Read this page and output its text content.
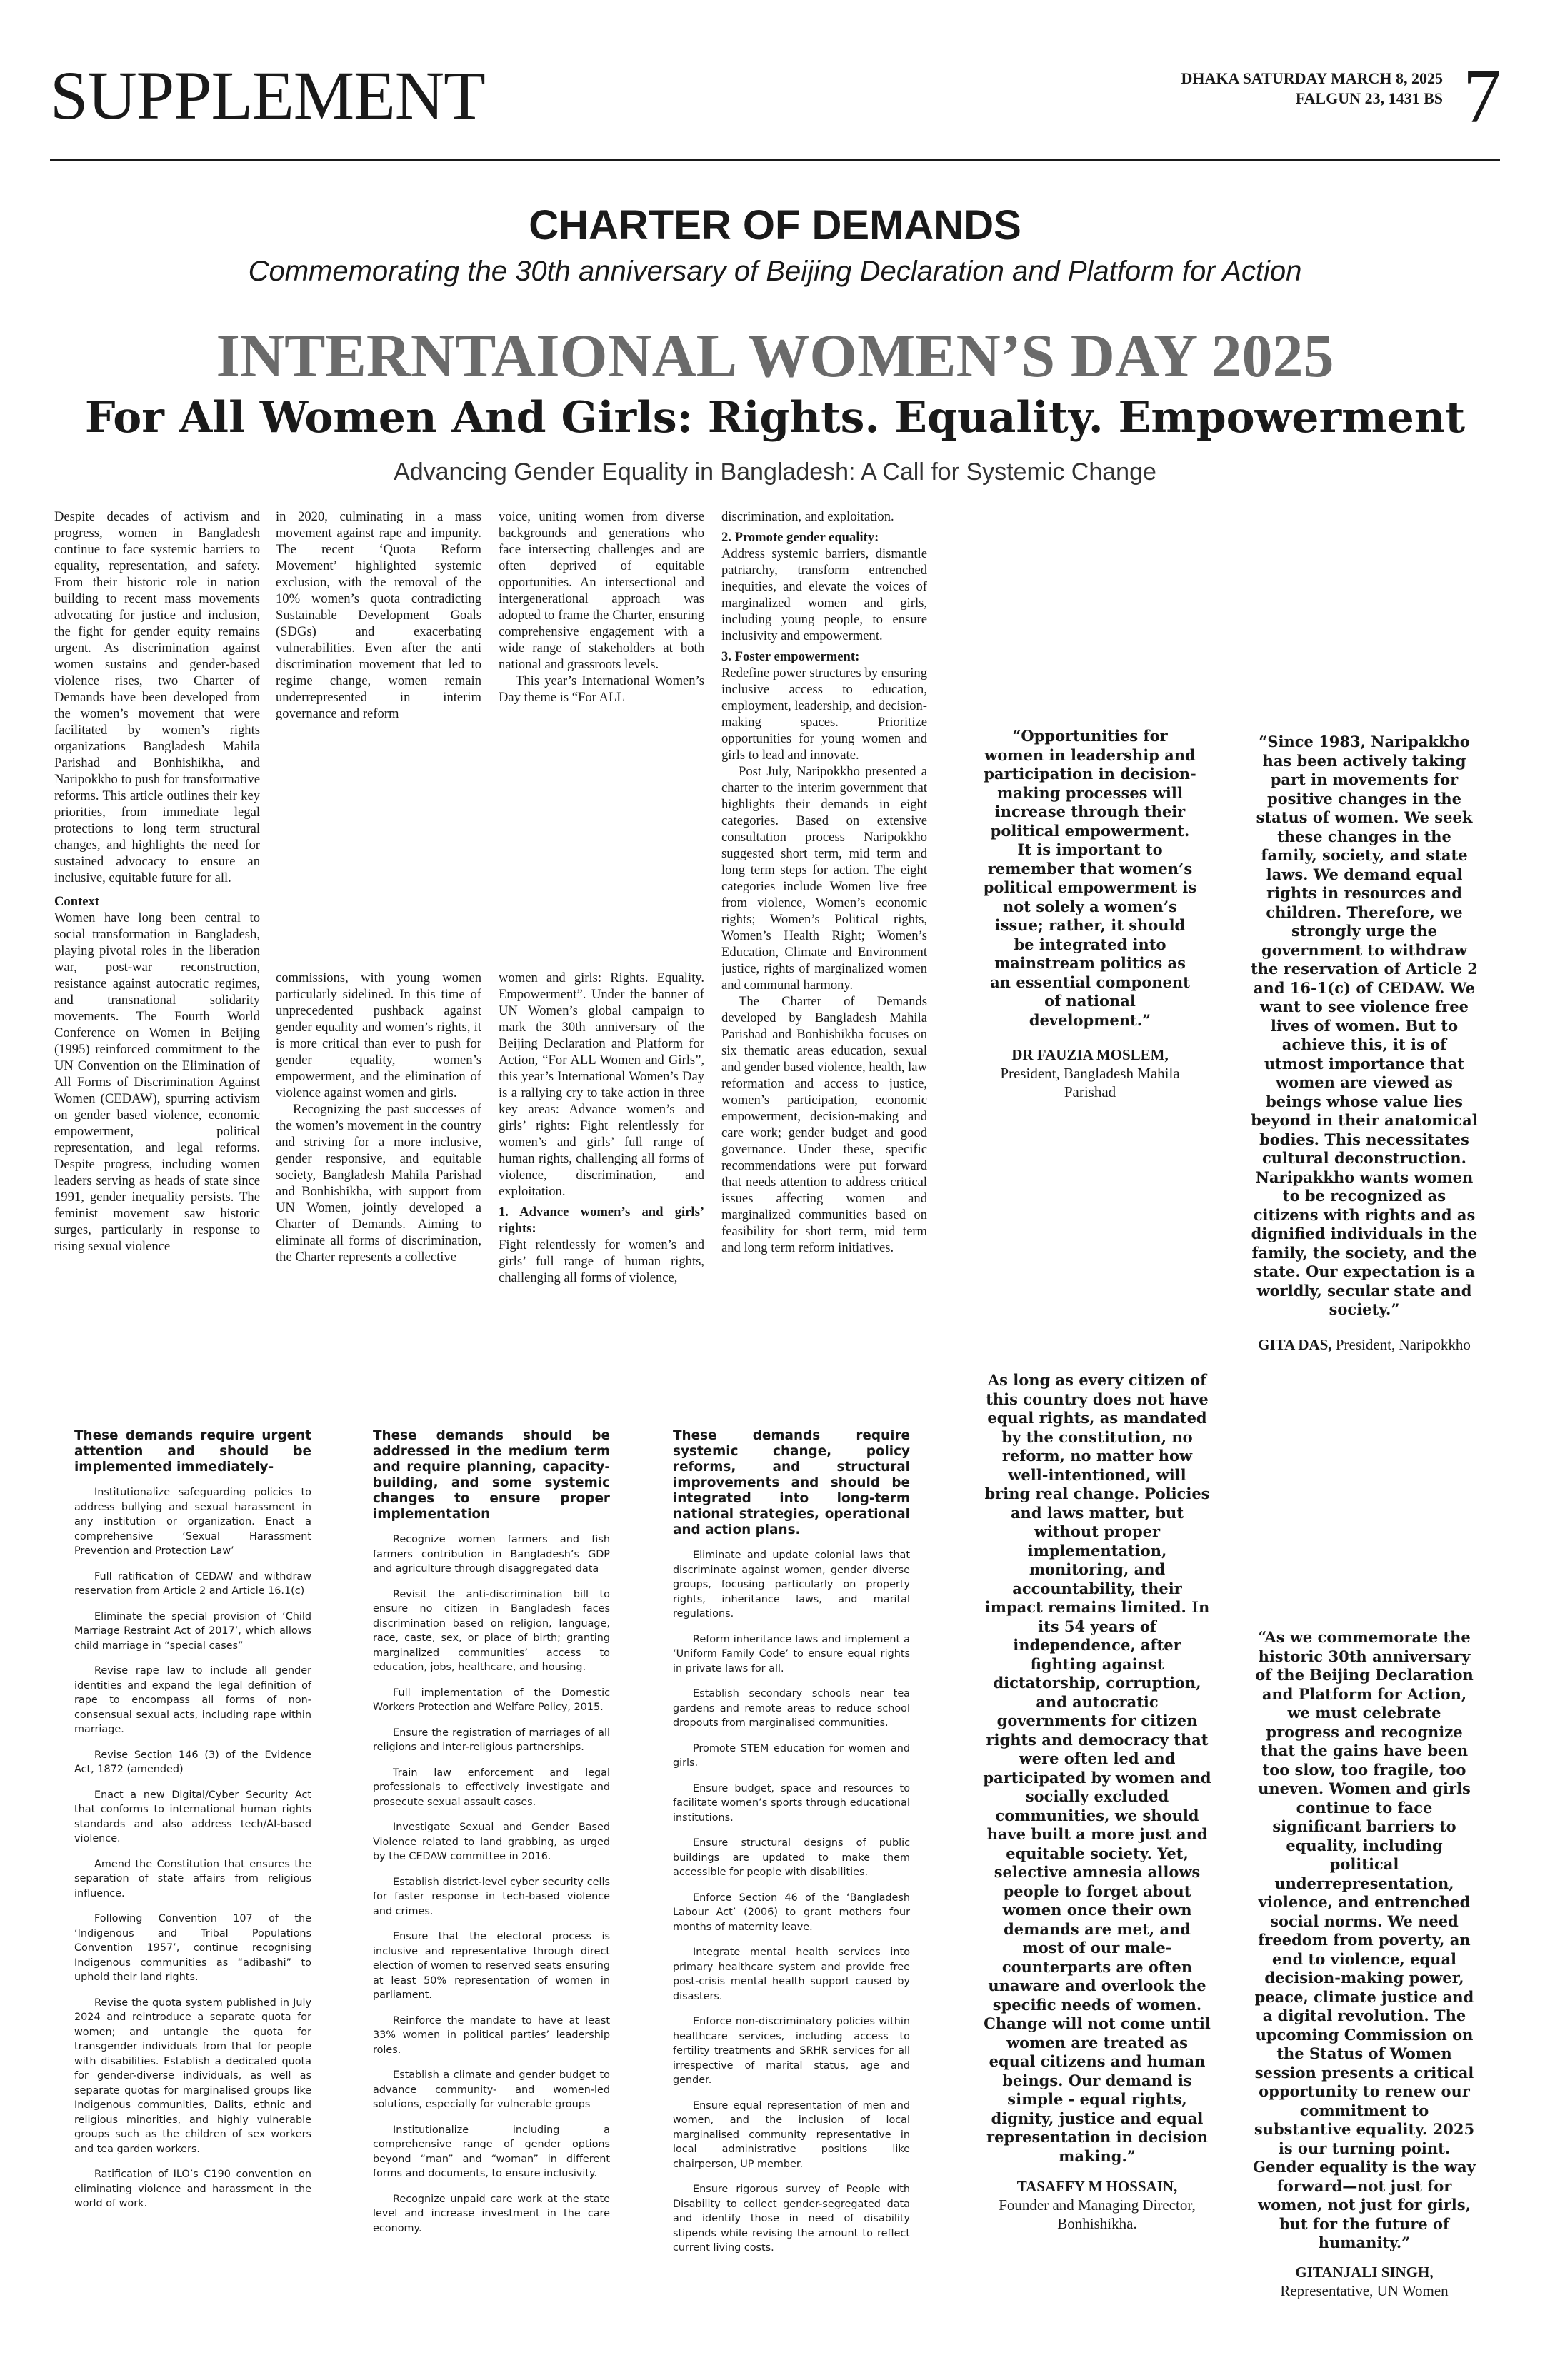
SUPPLEMENT	DHAKA SATURDAY MARCH 8, 2025
FALGUN 23, 1431 BS 7
CHARTER OF DEMANDS
Commemorating the 30th anniversary of Beijing Declaration and Platform for Action
INTERNTAIONAL WOMEN’S DAY 2025
For All Women And Girls: Rights. Equality. Empowerment
Advancing Gender Equality in Bangladesh: A Call for Systemic Change

Despite decades of activism and progress, women in Bangladesh continue to face systemic barriers to equality, representation, and safety. From their historic role in nation building to recent mass movements advocating for justice and inclusion, the fight for gender equity remains urgent. As discrimination against women sustains and gender-based violence rises, two Charter of Demands have been developed from the women’s movement that were facilitated by women’s rights organizations Bangladesh Mahila Parishad and Bonhishikha, and Naripokkho to push for transformative reforms. This article outlines their key priorities, from immediate legal protections to long term structural changes, and highlights the need for sustained advocacy to ensure an inclusive, equitable future for all.

Context

Women have long been central to social transformation in Bangladesh, playing pivotal roles in the liberation war, post-war reconstruction, resistance against autocratic regimes, and transnational solidarity movements. The Fourth World Conference on Women in Beijing (1995) reinforced commitment to the UN Convention on the Elimination of All Forms of Discrimination Against Women (CEDAW), spurring activism on gender based violence, economic empowerment, political representation, and legal reforms. Despite progress, including women leaders serving as heads of state since 1991, gender inequality persists. The feminist movement saw historic surges, particularly in response to rising sexual violence

in 2020, culminating in a mass movement against rape and impunity. The recent ‘Quota Reform Movement’ highlighted systemic exclusion, with the removal of the 10% women’s quota contradicting Sustainable Development Goals (SDGs) and exacerbating vulnerabilities. Even after the anti discrimination movement that led to regime change, women remain underrepresented in interim governance and reform

commissions, with young women particularly sidelined. In this time of unprecedented pushback against gender equality and women’s rights, it is more critical than ever to push for gender equality, women’s empowerment, and the elimination of violence against women and girls.

Recognizing the past successes of the women’s movement in the country and striving for a more inclusive, gender responsive, and equitable society, Bangladesh Mahila Parishad and Bonhishikha, with support from UN Women, jointly developed a Charter of Demands. Aiming to eliminate all forms of discrimination, the Charter represents a collective

voice, uniting women from diverse backgrounds and generations who face intersecting challenges and are often deprived of equitable opportunities. An intersectional and intergenerational approach was adopted to frame the Charter, ensuring comprehensive engagement with a wide range of stakeholders at both national and grassroots levels.

This year’s International Women’s Day theme is “For ALL

women and girls: Rights. Equality. Empowerment”. Under the banner of UN Women’s global campaign to mark the 30th anniversary of the Beijing Declaration and Platform for Action, “For ALL Women and Girls”, this year’s International Women’s Day is a rallying cry to take action in three key areas: Advance women’s and girls’ rights: Fight relentlessly for women’s and girls’ full range of human rights, challenging all forms of violence, discrimination, and exploitation.

1. Advance women’s and girls’ rights:

Fight relentlessly for women’s and girls’ full range of human rights, challenging all forms of violence,

discrimination, and exploitation.

2. Promote gender equality:

Address systemic barriers, dismantle patriarchy, transform entrenched inequities, and elevate the voices of marginalized women and girls, including young people, to ensure inclusivity and empowerment.

3. Foster empowerment:

Redefine power structures by ensuring inclusive access to education, employment, leadership, and decision-making spaces. Prioritize opportunities for young women and girls to lead and innovate.

Post July, Naripokkho presented a charter to the interim government that highlights their demands in eight categories. Based on extensive consultation process Naripokkho suggested short term, mid term and long term steps for action. The eight categories include Women live free from violence, Women’s economic rights; Women’s Political rights, Women’s Health Right; Women’s Education, Climate and Environment justice, rights of marginalized women and communal harmony.

The Charter of Demands developed by Bangladesh Mahila Parishad and Bonhishikha focuses on six thematic areas education, sexual and gender based violence, health, law reformation and access to justice, women’s participation, economic empowerment, decision-making and care work; gender budget and good governance. Under these, specific recommendations were put forward that needs attention to address critical issues affecting women and marginalized communities based on feasibility for short term, mid term and long term reform initiatives.

“Opportunities for women in leadership and participation in decision-making processes will increase through their political empowerment. It is important to remember that women’s political empowerment is not solely a women’s issue; rather, it should be integrated into mainstream politics as an essential component of national development.”
DR FAUZIA MOSLEM,
President, Bangladesh Mahila Parishad
“Since 1983, Naripakkho has been actively taking part in movements for positive changes in the status of women. We seek these changes in the family, society, and state laws. We demand equal rights in resources and children. Therefore, we strongly urge the government to withdraw the reservation of Article 2 and 16-1(c) of CEDAW. We want to see violence free lives of women. But to achieve this, it is of utmost importance that women are viewed as beings whose value lies beyond in their anatomical bodies. This necessitates cultural deconstruction. Naripakkho wants women to be recognized as citizens with rights and as dignified individuals in the family, the society, and the state. Our expectation is a worldly, secular state and society.”
GITA DAS, President, Naripokkho
These demands require urgent attention and should be implemented immediately-

Institutionalize safeguarding policies to address bullying and sexual harassment in any institution or organization. Enact a comprehensive ‘Sexual Harassment Prevention and Protection Law’

Full ratification of CEDAW and withdraw reservation from Article 2 and Article 16.1(c)

Eliminate the special provision of ‘Child Marriage Restraint Act of 2017’, which allows child marriage in “special cases”

Revise rape law to include all gender identities and expand the legal definition of rape to encompass all forms of non-consensual sexual acts, including rape within marriage.

Revise Section 146 (3) of the Evidence Act, 1872 (amended)

Enact a new Digital/Cyber Security Act that conforms to international human rights standards and also address tech/AI-based violence.

Amend the Constitution that ensures the separation of state affairs from religious influence.

Following Convention 107 of the ‘Indigenous and Tribal Populations Convention 1957’, continue recognising Indigenous communities as “adibashi” to uphold their land rights.

Revise the quota system published in July 2024 and reintroduce a separate quota for women; and untangle the quota for transgender individuals from that for people with disabilities. Establish a dedicated quota for gender-diverse individuals, as well as separate quotas for marginalised groups like Indigenous communities, Dalits, ethnic and religious minorities, and highly vulnerable groups such as the children of sex workers and tea garden workers.

Ratification of ILO’s C190 convention on eliminating violence and harassment in the world of work.

These demands should be addressed in the medium term and require planning, capacity-building, and some systemic changes to ensure proper implementation

Recognize women farmers and fish farmers contribution in Bangladesh’s GDP and agriculture through disaggregated data

Revisit the anti-discrimination bill to ensure no citizen in Bangladesh faces discrimination based on religion, language, race, caste, sex, or place of birth; granting marginalized communities’ access to education, jobs, healthcare, and housing.

Full implementation of the Domestic Workers Protection and Welfare Policy, 2015.

Ensure the registration of marriages of all religions and inter-religious partnerships.

Train law enforcement and legal professionals to effectively investigate and prosecute sexual assault cases.

Investigate Sexual and Gender Based Violence related to land grabbing, as urged by the CEDAW committee in 2016.

Establish district-level cyber security cells for faster response in tech-based violence and crimes.

Ensure that the electoral process is inclusive and representative through direct election of women to reserved seats ensuring at least 50% representation of women in parliament.

Reinforce the mandate to have at least 33% women in political parties’ leadership roles.

Establish a climate and gender budget to advance community- and women-led solutions, especially for vulnerable groups

Institutionalize including a comprehensive range of gender options beyond “man” and “woman” in different forms and documents, to ensure inclusivity.

Recognize unpaid care work at the state level and increase investment in the care economy.

These demands require systemic change, policy reforms, and structural improvements and should be integrated into long-term national strategies, operational and action plans.

Eliminate and update colonial laws that discriminate against women, gender diverse groups, focusing particularly on property rights, inheritance laws, and marital regulations.

Reform inheritance laws and implement a ‘Uniform Family Code’ to ensure equal rights in private laws for all.

Establish secondary schools near tea gardens and remote areas to reduce school dropouts from marginalised communities.

Promote STEM education for women and girls.

Ensure budget, space and resources to facilitate women’s sports through educational institutions.

Ensure structural designs of public buildings are updated to make them accessible for people with disabilities.

Enforce Section 46 of the ‘Bangladesh Labour Act’ (2006) to grant mothers four months of maternity leave.

Integrate mental health services into primary healthcare system and provide free post-crisis mental health support caused by disasters.

Enforce non-discriminatory policies within healthcare services, including access to fertility treatments and SRHR services for all irrespective of marital status, age and gender.

Ensure equal representation of men and women, and the inclusion of local marginalised community representative in local administrative positions like chairperson, UP member.

Ensure rigorous survey of People with Disability to collect gender-segregated data and identify those in need of disability stipends while revising the amount to reflect current living costs.

As long as every citizen of this country does not have equal rights, as mandated by the constitution, no reform, no matter how well-intentioned, will bring real change. Policies and laws matter, but without proper implementation, monitoring, and accountability, their impact remains limited. In its 54 years of independence, after fighting against dictatorship, corruption, and autocratic governments for citizen rights and democracy that were often led and participated by women and socially excluded communities, we should have built a more just and equitable society. Yet, selective amnesia allows people to forget about women once their own demands are met, and most of our male-counterparts are often unaware and overlook the specific needs of women. Change will not come until women are treated as equal citizens and human beings. Our demand is simple - equal rights, dignity, justice and equal representation in decision making.”
TASAFFY M HOSSAIN,
Founder and Managing Director, Bonhishikha.
“As we commemorate the historic 30th anniversary of the Beijing Declaration and Platform for Action, we must celebrate progress and recognize that the gains have been too slow, too fragile, too uneven. Women and girls continue to face significant barriers to equality, including political underrepresentation, violence, and entrenched social norms. We need freedom from poverty, an end to violence, equal decision-making power, peace, climate justice and a digital revolution. The upcoming Commission on the Status of Women session presents a critical opportunity to renew our commitment to substantive equality. 2025 is our turning point. Gender equality is the way forward—not just for women, not just for girls, but for the future of humanity.”
GITANJALI SINGH,
Representative, UN Women
